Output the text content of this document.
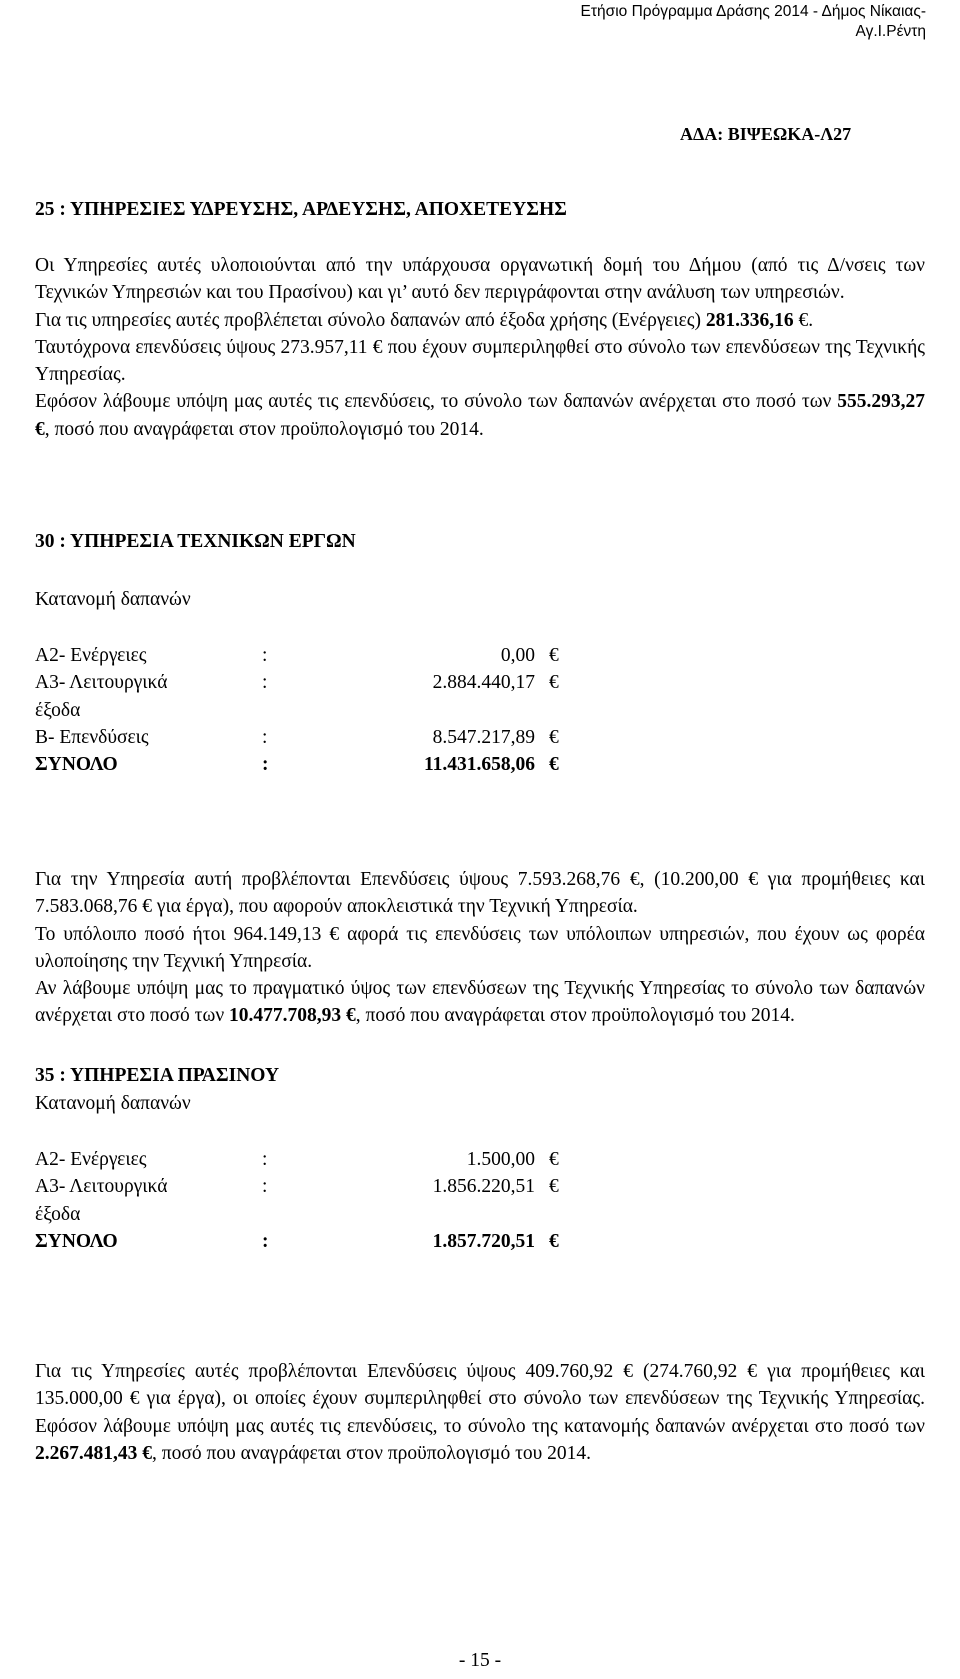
Ετήσιο Πρόγραμμα Δράσης 2014 - Δήμος Νίκαιας-
Αγ.Ι.Ρέντη
ΑΔΑ: ΒΙΨΕΩΚΑ-Λ27
25 : ΥΠΗΡΕΣΙΕΣ ΥΔΡΕΥΣΗΣ, ΑΡΔΕΥΣΗΣ, ΑΠΟΧΕΤΕΥΣΗΣ

Οι Υπηρεσίες αυτές υλοποιούνται από την υπάρχουσα οργανωτική δομή του Δήμου (από τις Δ/νσεις των Τεχνικών Υπηρεσιών και του Πρασίνου) και γι’ αυτό δεν περιγράφονται στην ανάλυση των υπηρεσιών.

Για τις υπηρεσίες αυτές προβλέπεται σύνολο δαπανών από έξοδα χρήσης (Ενέργειες) 281.336,16 €.

Ταυτόχρονα επενδύσεις ύψους 273.957,11 € που έχουν συμπεριληφθεί στο σύνολο των επενδύσεων της Τεχνικής Υπηρεσίας.

Εφόσον λάβουμε υπόψη μας αυτές τις επενδύσεις, το σύνολο των δαπανών ανέρχεται στο ποσό των 555.293,27 €, ποσό που αναγράφεται στον προϋπολογισμό του 2014.

30 : ΥΠΗΡΕΣΙΑ ΤΕΧΝΙΚΩΝ ΕΡΓΩΝ
Κατανομή δαπανών
Α2- Ενέργειες	:	0,00	€
Α3- Λειτουργικά	:	2.884.440,17	€
έξοδα			
Β- Επενδύσεις	:	8.547.217,89	€
ΣΥΝΟΛΟ	:	11.431.658,06	€

Για την Υπηρεσία αυτή προβλέπονται Επενδύσεις ύψους 7.593.268,76 €, (10.200,00 € για προμήθειες και 7.583.068,76 € για έργα), που αφορούν αποκλειστικά την Τεχνική Υπηρεσία.

Το υπόλοιπο ποσό ήτοι 964.149,13 € αφορά τις επενδύσεις των υπόλοιπων υπηρεσιών, που έχουν ως φορέα υλοποίησης την Τεχνική Υπηρεσία.

Αν λάβουμε υπόψη μας το πραγματικό ύψος των επενδύσεων της Τεχνικής Υπηρεσίας το σύνολο των δαπανών ανέρχεται στο ποσό των 10.477.708,93 €, ποσό που αναγράφεται στον προϋπολογισμό του 2014.

35 : ΥΠΗΡΕΣΙΑ ΠΡΑΣΙΝΟΥ
Κατανομή δαπανών
Α2- Ενέργειες	:	1.500,00	€
Α3- Λειτουργικά	:	1.856.220,51	€
έξοδα			
ΣΥΝΟΛΟ	:	1.857.720,51	€

Για τις Υπηρεσίες αυτές προβλέπονται Επενδύσεις ύψους 409.760,92 € (274.760,92 € για προμήθειες και 135.000,00 € για έργα), οι οποίες έχουν συμπεριληφθεί στο σύνολο των επενδύσεων της Τεχνικής Υπηρεσίας. Εφόσον λάβουμε υπόψη μας αυτές τις επενδύσεις, το σύνολο της κατανομής δαπανών ανέρχεται στο ποσό των 2.267.481,43 €, ποσό που αναγράφεται στον προϋπολογισμό του 2014.

- 15 -
